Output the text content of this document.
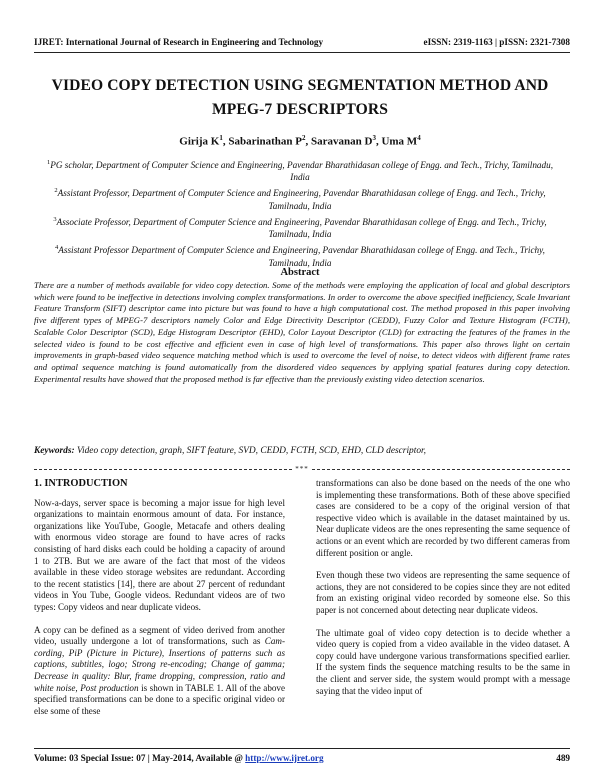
IJRET: International Journal of Research in Engineering and Technology	eISSN: 2319-1163 | pISSN: 2321-7308
VIDEO COPY DETECTION USING SEGMENTATION METHOD AND
MPEG-7 DESCRIPTORS
Girija $K^1$, Sabarinathan $P^2$, Saravanan $D^3$, Uma $M^4$
$^1$PG scholar, Department of Computer Science and Engineering, Pavendar Bharathidasan college of Engg. and Tech., Trichy, Tamilnadu, India
$^2$Assistant Professor, Department of Computer Science and Engineering, Pavendar Bharathidasan college of Engg. and Tech., Trichy, Tamilnadu, India
$^3$Associate Professor, Department of Computer Science and Engineering, Pavendar Bharathidasan college of Engg. and Tech., Trichy, Tamilnadu, India
$^4$Assistant Professor Department of Computer Science and Engineering, Pavendar Bharathidasan college of Engg. and Tech., Trichy, Tamilnadu, India
Abstract
There are a number of methods available for video copy detection. Some of the methods were employing the application of local and global descriptors which were found to be ineffective in detections involving complex transformations. In order to overcome the above specified inefficiency, Scale Invariant Feature Transform (SIFT) descriptor came into picture but was found to have a high computational cost. The method proposed in this paper involving five different types of MPEG-7 descriptors namely Color and Edge Directivity Descriptor (CEDD), Fuzzy Color and Texture Histogram (FCTH), Scalable Color Descriptor (SCD), Edge Histogram Descriptor (EHD), Color Layout Descriptor (CLD) for extracting the features of the frames in the selected video is found to be cost effective and efficient even in case of high level of transformations. This paper also throws light on certain improvements in graph-based video sequence matching method which is used to overcome the level of noise, to detect videos with different frame rates and optimal sequence matching is found automatically from the disordered video sequences by applying spatial features during copy detection. Experimental results have showed that the proposed method is far effective than the previously existing video detection scenarios.
Keywords: Video copy detection, graph, SIFT feature, SVD, CEDD, FCTH, SCD, EHD, CLD descriptor,
***
1. INTRODUCTION

Now-a-days, server space is becoming a major issue for high level organizations to maintain enormous amount of data. For instance, organizations like YouTube, Google, Metacafe and others dealing with enormous video storage are found to have acres of racks consisting of hard disks each could be holding a capacity of around 1 to 2TB. But we are aware of the fact that most of the videos available in these video storage websites are redundant. According to the recent statistics [14], there are about 27 percent of redundant videos in You Tube, Google videos. Redundant videos are of two types: Copy videos and near duplicate videos.

A copy can be defined as a segment of video derived from another video, usually undergone a lot of transformations, such as Cam-cording, PiP (Picture in Picture), Insertions of patterns such as captions, subtitles, logo; Strong re-encoding; Change of gamma; Decrease in quality: Blur, frame dropping, compression, ratio and white noise, Post production is shown in TABLE 1. All of the above specified transformations can be done to a specific original video or else some of these

transformations can also be done based on the needs of the one who is implementing these transformations. Both of these above specified cases are considered to be a copy of the original version of that respective video which is available in the dataset maintained by us. Near duplicate videos are the ones representing the same sequence of actions or an event which are recorded by two different cameras from different position or angle.

Even though these two videos are representing the same sequence of actions, they are not considered to be copies since they are not edited from an existing original video recorded by someone else. So this paper is not concerned about detecting near duplicate videos.

The ultimate goal of video copy detection is to decide whether a video query is copied from a video available in the video dataset. A copy could have undergone various transformations specified earlier. If the system finds the sequence matching results to be the same in the client and server side, the system would prompt with a message saying that the video input of

Volume: 03 Special Issue: 07 | May-2014, Available @ http://www.ijret.org	489
